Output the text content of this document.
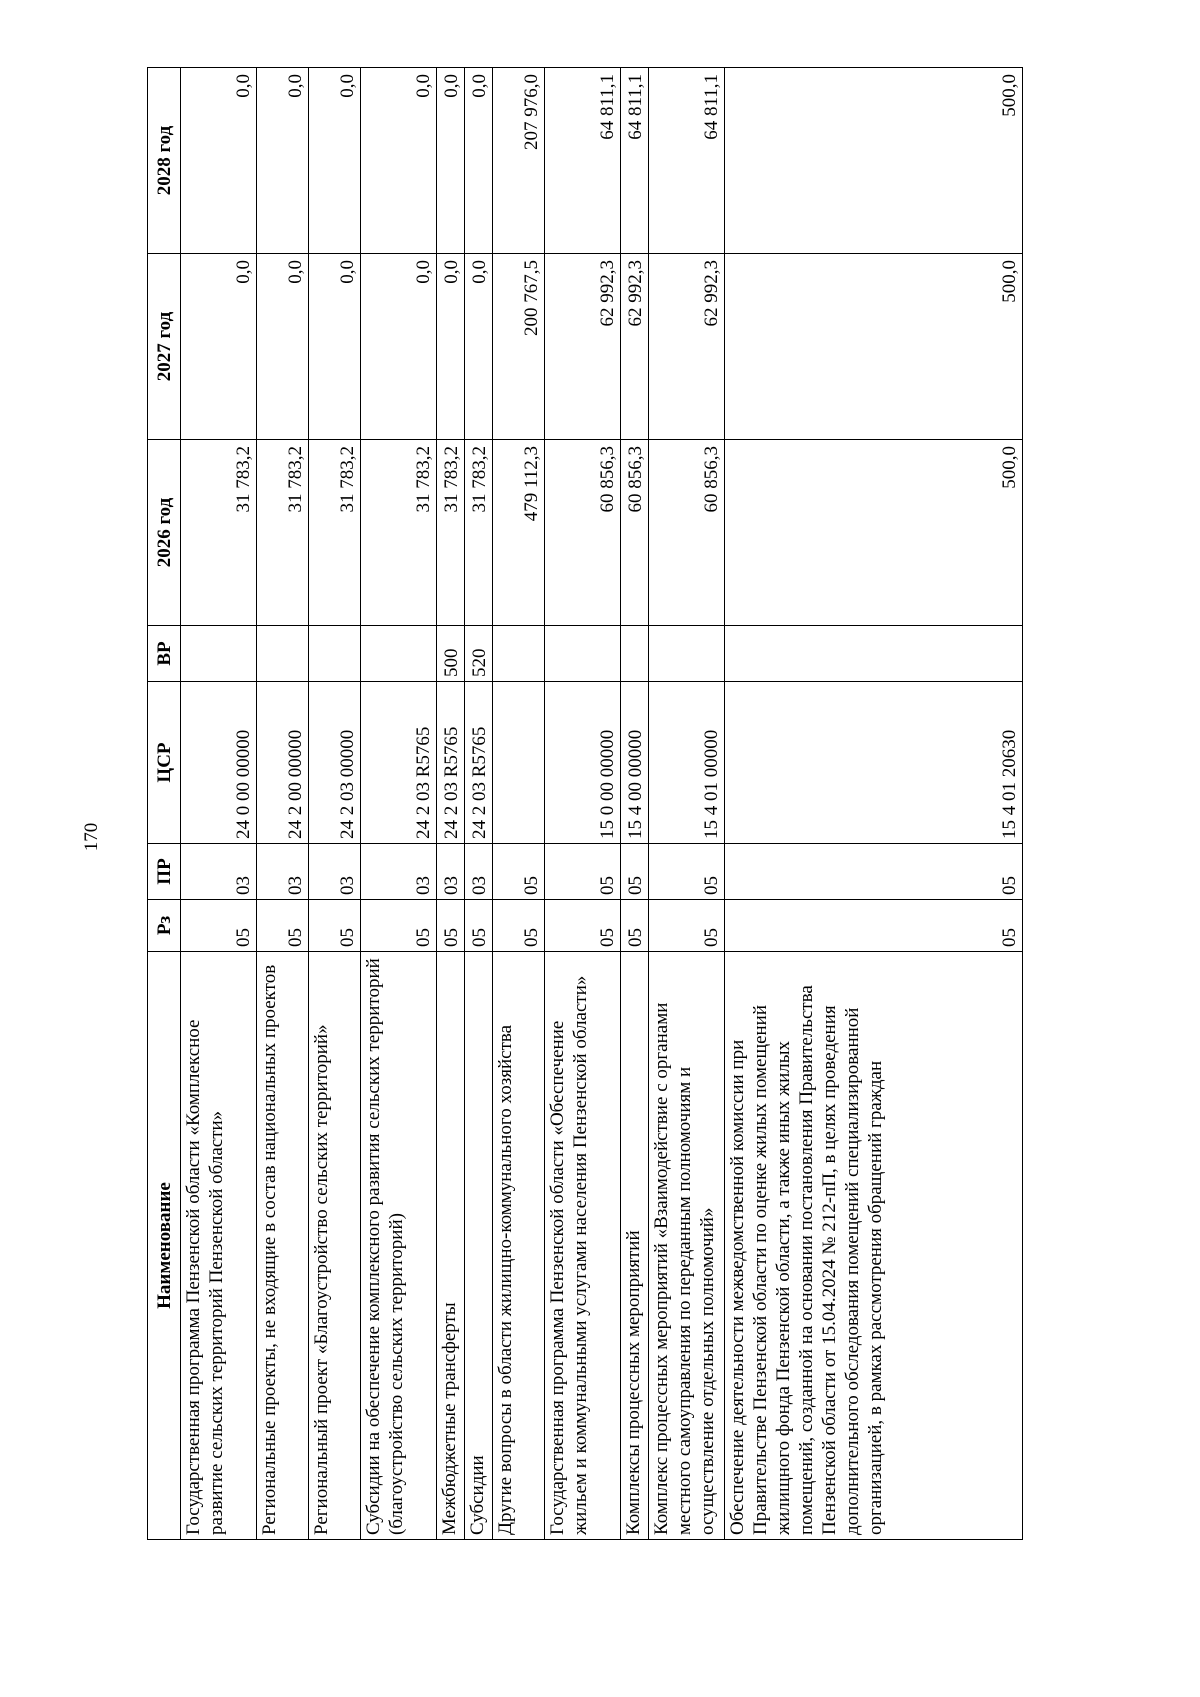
170
Наименование	Рз	ПР	ЦСР	ВР	2026 год	2027 год	2028 год
Государственная программа Пензенской области «Комплексное развитие сельских территорий Пензенской области»	05	03	24 0 00 00000		31 783,2	0,0	0,0
Региональные проекты, не входящие в состав национальных проектов	05	03	24 2 00 00000		31 783,2	0,0	0,0
Региональный проект «Благоустройство сельских территорий»	05	03	24 2 03 00000		31 783,2	0,0	0,0
Субсидии на обеспечение комплексного развития сельских территорий (благоустройство сельских территорий)	05	03	24 2 03 R5765		31 783,2	0,0	0,0
Межбюджетные трансферты	05	03	24 2 03 R5765	500	31 783,2	0,0	0,0
Субсидии	05	03	24 2 03 R5765	520	31 783,2	0,0	0,0
Другие вопросы в области жилищно-коммунального хозяйства	05	05			479 112,3	200 767,5	207 976,0
Государственная программа Пензенской области «Обеспечение жильем и коммунальными услугами населения Пензенской области»	05	05	15 0 00 00000		60 856,3	62 992,3	64 811,1
Комплексы процессных мероприятий	05	05	15 4 00 00000		60 856,3	62 992,3	64 811,1
Комплекс процессных мероприятий «Взаимодействие с органами местного самоуправления по переданным полномочиям и осуществление отдельных полномочий»	05	05	15 4 01 00000		60 856,3	62 992,3	64 811,1
Обеспечение деятельности межведомственной комиссии при Правительстве Пензенской области по оценке жилых помещений жилищного фонда Пензенской области, а также иных жилых помещений, созданной на основании постановления Правительства Пензенской области от 15.04.2024 № 212-пП, в целях проведения дополнительного обследования помещений специализированной организацией, в рамках рассмотрения обращений граждан	05	05	15 4 01 20630		500,0	500,0	500,0
